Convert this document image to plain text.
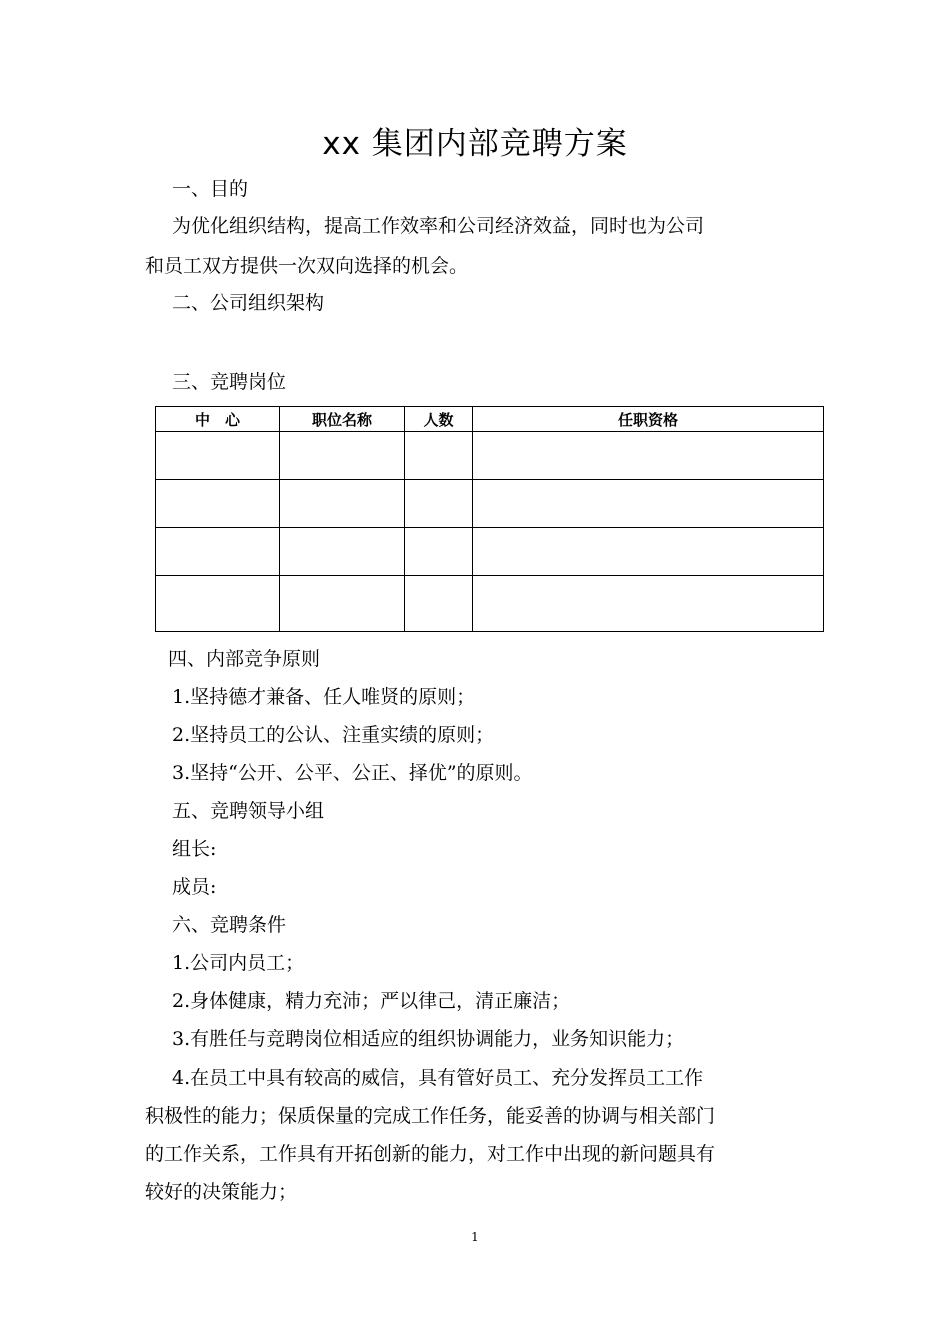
xx 集团内部竞聘方案
一、目的
为优化组织结构，提高工作效率和公司经济效益，同时也为公司
和员工双方提供一次双向选择的机会。
二、公司组织架构
三、竞聘岗位
中　心	职位名称	人数	任职资格

四、内部竞争原则
1.坚持德才兼备、任人唯贤的原则；
2.坚持员工的公认、注重实绩的原则；
3.坚持“公开、公平、公正、择优”的原则。
五、竞聘领导小组
组长:
成员:
六、竞聘条件
1.公司内员工；
2.身体健康，精力充沛；严以律己，清正廉洁；
3.有胜任与竞聘岗位相适应的组织协调能力，业务知识能力；
4.在员工中具有较高的威信，具有管好员工、充分发挥员工工作
积极性的能力；保质保量的完成工作任务，能妥善的协调与相关部门
的工作关系，工作具有开拓创新的能力，对工作中出现的新问题具有
较好的决策能力；
1
